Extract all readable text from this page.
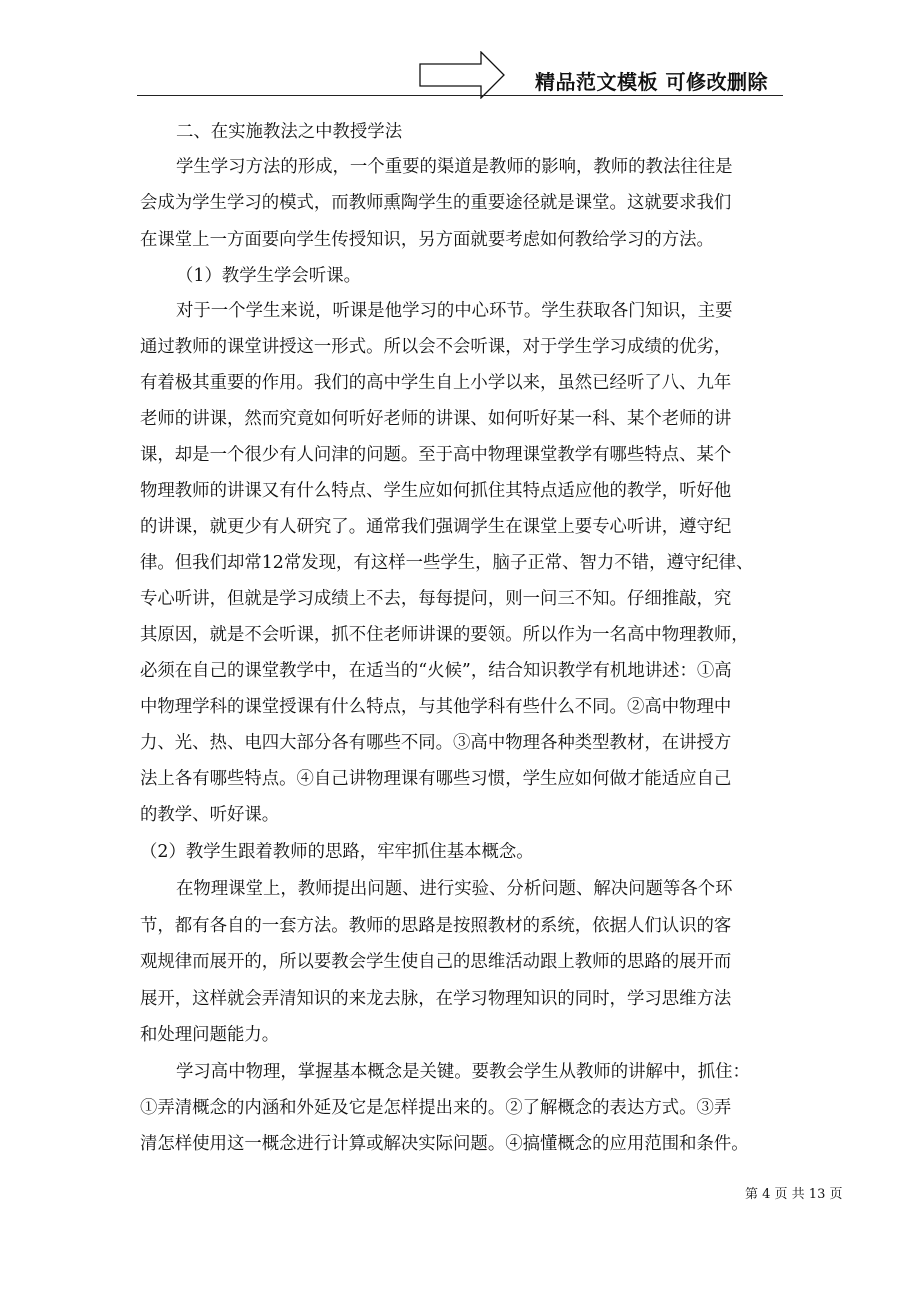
精品范文模板 可修改删除
二、在实施教法之中教授学法
学生学习方法的形成，一个重要的渠道是教师的影响，教师的教法往往是
会成为学生学习的模式，而教师熏陶学生的重要途径就是课堂。这就要求我们
在课堂上一方面要向学生传授知识，另方面就要考虑如何教给学习的方法。
（1）教学生学会听课。
对于一个学生来说，听课是他学习的中心环节。学生获取各门知识，主要
通过教师的课堂讲授这一形式。所以会不会听课，对于学生学习成绩的优劣，
有着极其重要的作用。我们的高中学生自上小学以来，虽然已经听了八、九年
老师的讲课，然而究竟如何听好老师的讲课、如何听好某一科、某个老师的讲
课，却是一个很少有人问津的问题。至于高中物理课堂教学有哪些特点、某个
物理教师的讲课又有什么特点、学生应如何抓住其特点适应他的教学，听好他
的讲课，就更少有人研究了。通常我们强调学生在课堂上要专心听讲，遵守纪
律。但我们却常12常发现，有这样一些学生，脑子正常、智力不错，遵守纪律、
专心听讲，但就是学习成绩上不去，每每提问，则一问三不知。仔细推敲，究
其原因，就是不会听课，抓不住老师讲课的要领。所以作为一名高中物理教师，
必须在自己的课堂教学中，在适当的“火候”，结合知识教学有机地讲述：①高
中物理学科的课堂授课有什么特点，与其他学科有些什么不同。②高中物理中
力、光、热、电四大部分各有哪些不同。③高中物理各种类型教材，在讲授方
法上各有哪些特点。④自己讲物理课有哪些习惯，学生应如何做才能适应自己
的教学、听好课。
（2）教学生跟着教师的思路，牢牢抓住基本概念。
在物理课堂上，教师提出问题、进行实验、分析问题、解决问题等各个环
节，都有各自的一套方法。教师的思路是按照教材的系统，依据人们认识的客
观规律而展开的，所以要教会学生使自己的思维活动跟上教师的思路的展开而
展开，这样就会弄清知识的来龙去脉，在学习物理知识的同时，学习思维方法
和处理问题能力。
学习高中物理，掌握基本概念是关键。要教会学生从教师的讲解中，抓住：
①弄清概念的内涵和外延及它是怎样提出来的。②了解概念的表达方式。③弄
清怎样使用这一概念进行计算或解决实际问题。④搞懂概念的应用范围和条件。
第 4 页 共 13 页
